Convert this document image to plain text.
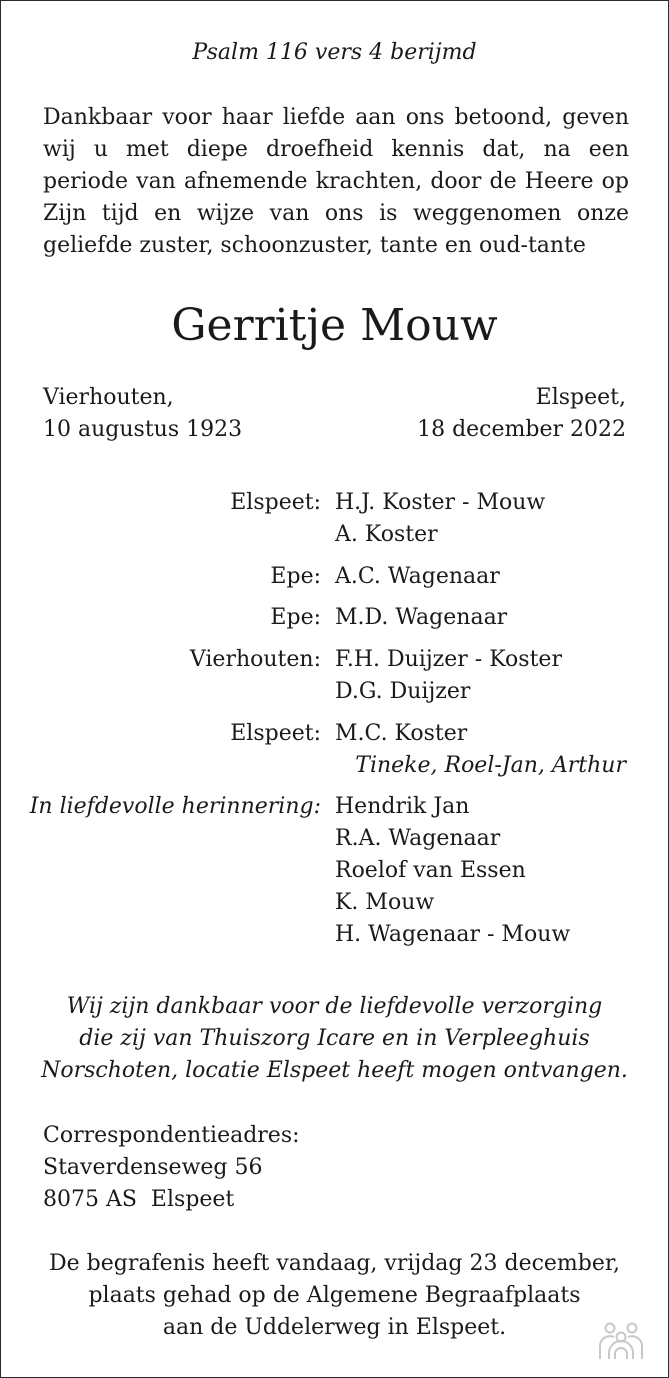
Psalm 116 vers 4 berijmd

Dankbaar voor haar liefde aan ons betoond, geven wij u met diepe droefheid kennis dat, na een periode van afnemende krachten, door de Heere op Zijn tijd en wijze van ons is weggenomen onze geliefde zuster, schoonzuster, tante en oud-tante

Gerritje Mouw
Vierhouten,
10 augustus 1923
Elspeet,
18 december 2022
Elspeet: H.J. Koster - Mouw
A. Koster
Epe: A.C. Wagenaar
Epe: M.D. Wagenaar
Vierhouten: F.H. Duijzer - Koster
D.G. Duijzer
Elspeet: M.C. Koster
Tineke, Roel-Jan, Arthur
In liefdevolle herinnering: Hendrik Jan
R.A. Wagenaar
Roelof van Essen
K. Mouw
H. Wagenaar - Mouw
Wij zijn dankbaar voor de liefdevolle verzorging
die zij van Thuiszorg Icare en in Verpleeghuis
Norschoten, locatie Elspeet heeft mogen ontvangen.
Correspondentieadres:
Staverdenseweg 56
8075 AS  Elspeet
De begrafenis heeft vandaag, vrijdag 23 december,
plaats gehad op de Algemene Begraafplaats
aan de Uddelerweg in Elspeet.
